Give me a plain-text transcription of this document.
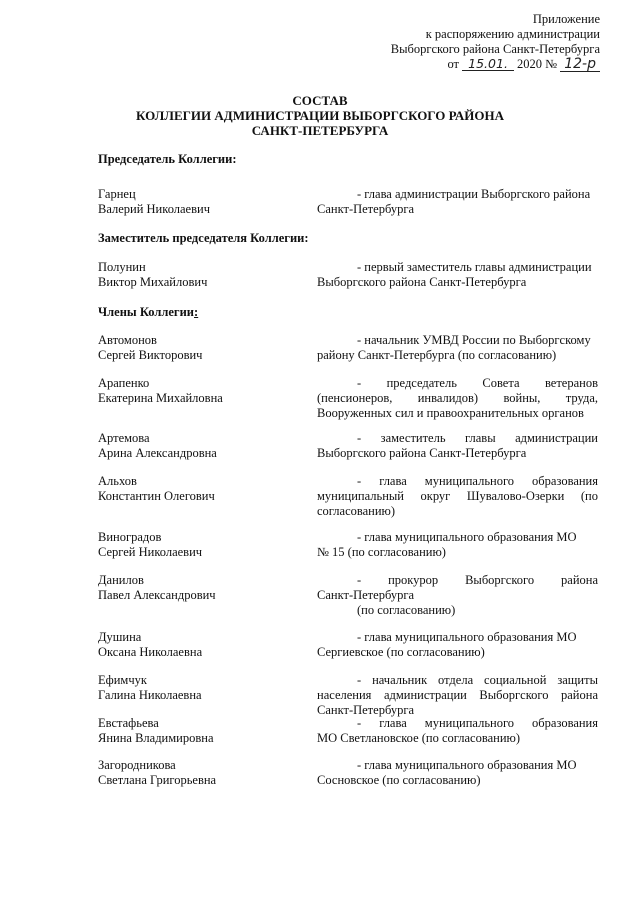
Приложение
к распоряжению администрации
Выборгского района Санкт-Петербурга
от 15.01. 2020 № 12-р
СОСТАВ
КОЛЛЕГИИ АДМИНИСТРАЦИИ ВЫБОРГСКОГО РАЙОНА
САНКТ-ПЕТЕРБУРГА
Председатель Коллегии:
Гарнец
Валерий Николаевич
- глава администрации Выборгского района
Санкт-Петербурга
Заместитель председателя Коллегии:
Полунин
Виктор Михайлович
- первый заместитель главы администрации
Выборгского района Санкт-Петербурга
Члены Коллегии:
Автомонов
Сергей Викторович
- начальник УМВД России по Выборгскому
району Санкт-Петербурга (по согласованию)
Арапенко
Екатерина Михайловна
- председатель Совета ветеранов
(пенсионеров, инвалидов) войны, труда,
Вооруженных сил и правоохранительных органов
Артемова
Арина Александровна
- заместитель главы администрации
Выборгского района Санкт-Петербурга
Альхов
Константин Олегович
- глава муниципального образования
муниципальный округ Шувалово-Озерки (по
согласованию)
Виноградов
Сергей Николаевич
- глава муниципального образования МО
№ 15 (по согласованию)
Данилов
Павел Александрович
- прокурор Выборгского района
Санкт-Петербурга
(по согласованию)
Душина
Оксана Николаевна
- глава муниципального образования МО
Сергиевское (по согласованию)
Ефимчук
Галина Николаевна
- начальник отдела социальной защиты
населения администрации Выборгского района
Санкт-Петербурга
Евстафьева
Янина Владимировна
- глава муниципального образования
МО Светлановское (по согласованию)
Загородникова
Светлана Григорьевна
- глава муниципального образования МО
Сосновское (по согласованию)
